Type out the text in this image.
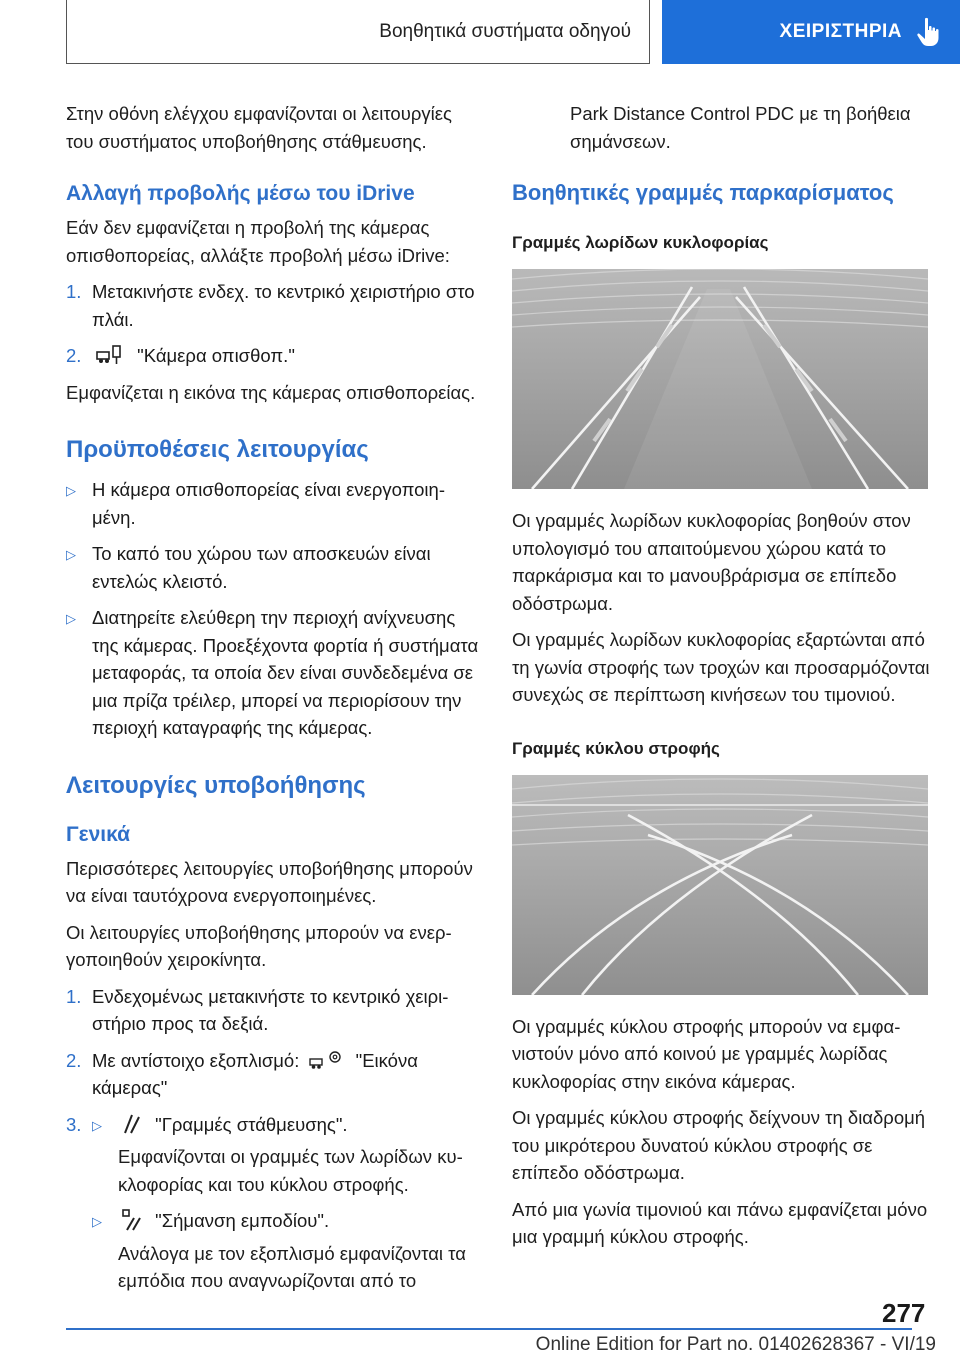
Βοηθητικά συστήματα οδηγού	ΧΕΙΡΙΣΤΗΡΙΑ

Στην οθόνη ελέγχου εμφανίζονται οι λειτουργίες του συστήματος υποβοήθησης στάθμευσης.

Αλλαγή προβολής μέσω του iDrive

Εάν δεν εμφανίζεται η προβολή της κάμερας οπισθοπορείας, αλλάξτε προβολή μέσω iDrive:

1. Μετακινήστε ενδεχ. το κεντρικό χειριστήριο στο πλάι.
2.	"Κάμερα οπισθοπ."

Εμφανίζεται η εικόνα της κάμερας οπισθοπορείας.

Προϋποθέσεις λειτουργίας
▷ Η κάμερα οπισθοπορείας είναι ενεργοποιημένη.
▷ Το καπό του χώρου των αποσκευών είναι εντελώς κλειστό.
▷ Διατηρείτε ελεύθερη την περιοχή ανίχνευσης της κάμερας. Προεξέχοντα φορτία ή συστήματα μεταφοράς, τα οποία δεν είναι συνδεδεμένα σε μια πρίζα τρέιλερ, μπορεί να περιορίσουν την περιοχή καταγραφής της κάμερας.
Λειτουργίες υποβοήθησης
Γενικά

Περισσότερες λειτουργίες υποβοήθησης μπορούν να είναι ταυτόχρονα ενεργοποιημένες.

Οι λειτουργίες υποβοήθησης μπορούν να ενεργοποιηθούν χειροκίνητα.

1. Ενδεχομένως μετακινήστε το κεντρικό χειριστήριο προς τα δεξιά.
2. Με αντίστοιχο εξοπλισμό:	"Εικόνα κάμερας"
3. ▷	"Γραμμές στάθμευσης".

Εμφανίζονται οι γραμμές των λωρίδων κυκλοφορίας και του κύκλου στροφής.

▷	"Σήμανση εμποδίου".

Ανάλογα με τον εξοπλισμό εμφανίζονται τα εμπόδια που αναγνωρίζονται από το

Park Distance Control PDC με τη βοήθεια σημάνσεων.

Βοηθητικές γραμμές παρκαρίσματος
Γραμμές λωρίδων κυκλοφορίας

Οι γραμμές λωρίδων κυκλοφορίας βοηθούν στον υπολογισμό του απαιτούμενου χώρου κατά το παρκάρισμα και το μανουβράρισμα σε επίπεδο οδόστρωμα.

Οι γραμμές λωρίδων κυκλοφορίας εξαρτώνται από τη γωνία στροφής των τροχών και προσαρμόζονται συνεχώς σε περίπτωση κινήσεων του τιμονιού.

Γραμμές κύκλου στροφής

Οι γραμμές κύκλου στροφής μπορούν να εμφανιστούν μόνο από κοινού με γραμμές λωρίδας κυκλοφορίας στην εικόνα κάμερας.

Οι γραμμές κύκλου στροφής δείχνουν τη διαδρομή του μικρότερου δυνατού κύκλου στροφής σε επίπεδο οδόστρωμα.

Από μια γωνία τιμονιού και πάνω εμφανίζεται μόνο μια γραμμή κύκλου στροφής.

277
Online Edition for Part no. 01402628367 - VI/19
